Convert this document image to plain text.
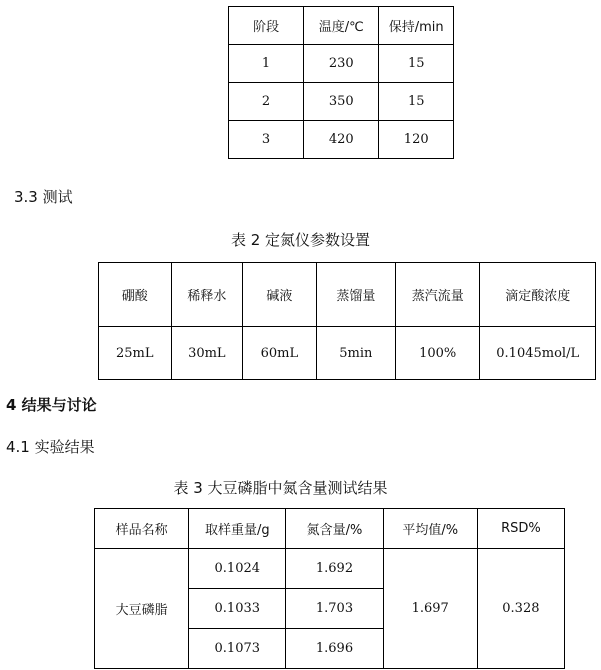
阶段	温度/℃	保持/min
1	230	15
2	350	15
3	420	120
3.3 测试
表 2 定氮仪参数设置
硼酸	稀释水	碱液	蒸馏量	蒸汽流量	滴定酸浓度
25mL	30mL	60mL	5min	100%	0.1045mol/L
4 结果与讨论
4.1 实验结果
表 3 大豆磷脂中氮含量测试结果
样品名称	取样重量/g	氮含量/%	平均值/%	RSD%
大豆磷脂	0.1024	1.692	1.697	0.328
	0.1033	1.703		
	0.1073	1.696		
